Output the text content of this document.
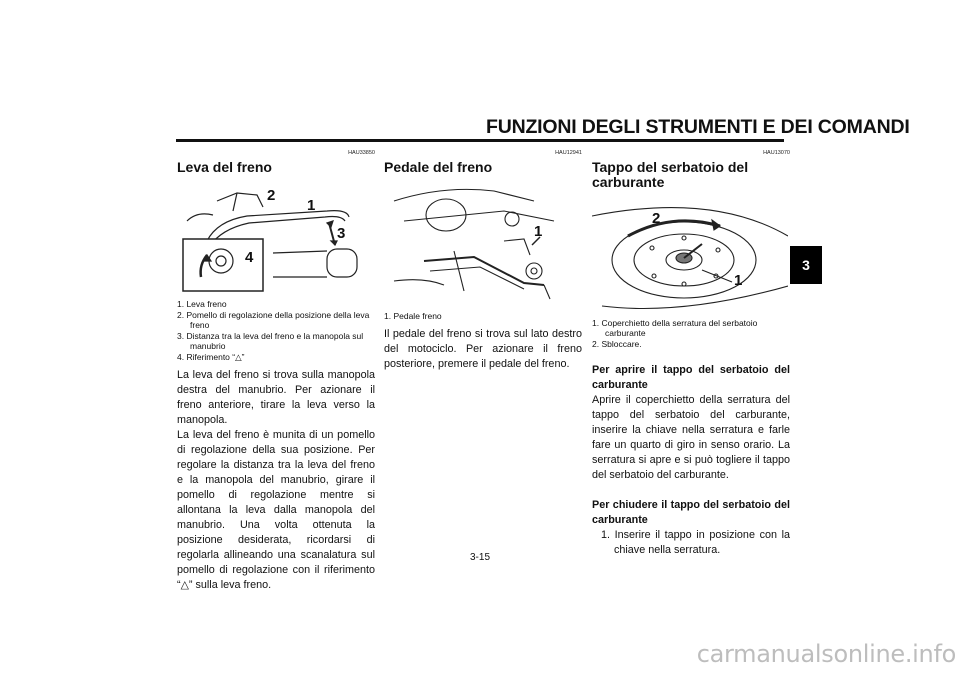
FUNZIONI DEGLI STRUMENTI E DEI COMANDI
3
HAU33850
Leva del freno
1
2
3
4
1. Leva freno
2. Pomello di regolazione della posizione della leva freno
3. Distanza tra la leva del freno e la manopola sul manubrio
4. Riferimento “△”

La leva del freno si trova sulla manopola destra del manubrio. Per azionare il freno anteriore, tirare la leva verso la manopola.

La leva del freno è munita di un pomello di regolazione della sua posizione. Per regolare la distanza tra la leva del freno e la manopola del manubrio, girare il pomello di regolazione mentre si allontana la leva dalla manopola del manubrio. Una volta ottenuta la posizione desiderata, ricordarsi di regolarla allineando una scanalatura sul pomello di regolazione con il riferimento “△” sulla leva freno.

HAU12941
Pedale del freno
1
1. Pedale freno

Il pedale del freno si trova sul lato destro del motociclo. Per azionare il freno posteriore, premere il pedale del freno.

HAU13070
Tappo del serbatoio del carburante
1
2
1. Coperchietto della serratura del serbatoio carburante
2. Sbloccare.
Per aprire il tappo del serbatoio del carburante

Aprire il coperchietto della serratura del tappo del serbatoio del carburante, inserire la chiave nella serratura e farle fare un quarto di giro in senso orario. La serratura si apre e si può togliere il tappo del serbatoio del carburante.

Per chiudere il tappo del serbatoio del carburante
1. Inserire il tappo in posizione con la chiave nella serratura.
3-15
carmanualsonline.info
